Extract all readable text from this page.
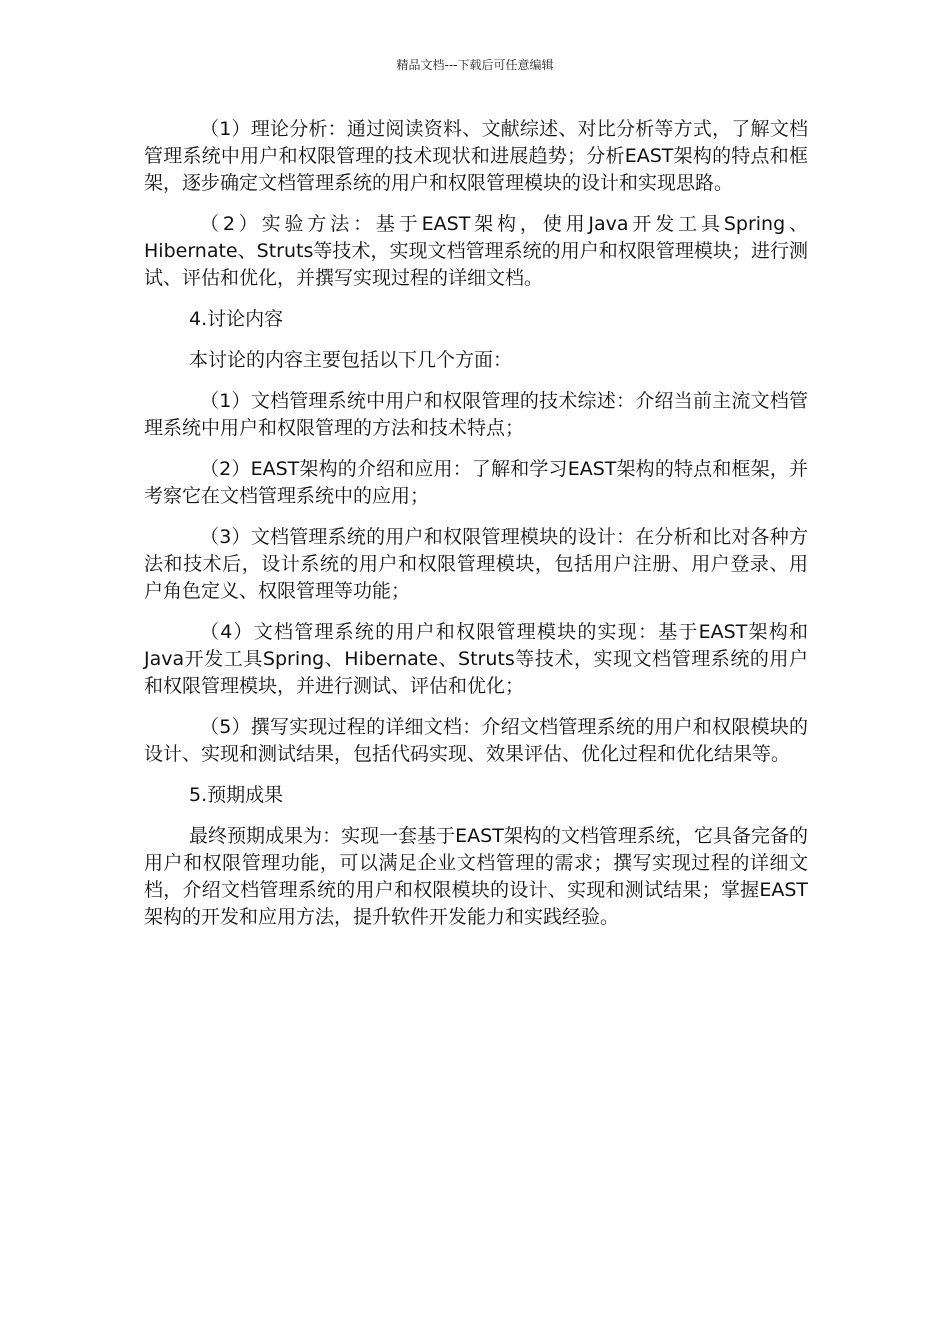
精品文档---下载后可任意编辑

（1）理论分析：通过阅读资料、文献综述、对比分析等方式，了解文档管理系统中用户和权限管理的技术现状和进展趋势；分析EAST架构的特点和框架，逐步确定文档管理系统的用户和权限管理模块的设计和实现思路。

（2）实验方法：基于EAST架构，使用Java开发工具Spring、Hibernate、Struts等技术，实现文档管理系统的用户和权限管理模块；进行测试、评估和优化，并撰写实现过程的详细文档。

4.讨论内容

本讨论的内容主要包括以下几个方面：

（1）文档管理系统中用户和权限管理的技术综述：介绍当前主流文档管理系统中用户和权限管理的方法和技术特点；

（2）EAST架构的介绍和应用：了解和学习EAST架构的特点和框架，并考察它在文档管理系统中的应用；

（3）文档管理系统的用户和权限管理模块的设计：在分析和比对各种方法和技术后，设计系统的用户和权限管理模块，包括用户注册、用户登录、用户角色定义、权限管理等功能；

（4）文档管理系统的用户和权限管理模块的实现：基于EAST架构和Java开发工具Spring、Hibernate、Struts等技术，实现文档管理系统的用户和权限管理模块，并进行测试、评估和优化；

（5）撰写实现过程的详细文档：介绍文档管理系统的用户和权限模块的设计、实现和测试结果，包括代码实现、效果评估、优化过程和优化结果等。

5.预期成果

最终预期成果为：实现一套基于EAST架构的文档管理系统，它具备完备的用户和权限管理功能，可以满足企业文档管理的需求；撰写实现过程的详细文档，介绍文档管理系统的用户和权限模块的设计、实现和测试结果；掌握EAST架构的开发和应用方法，提升软件开发能力和实践经验。
